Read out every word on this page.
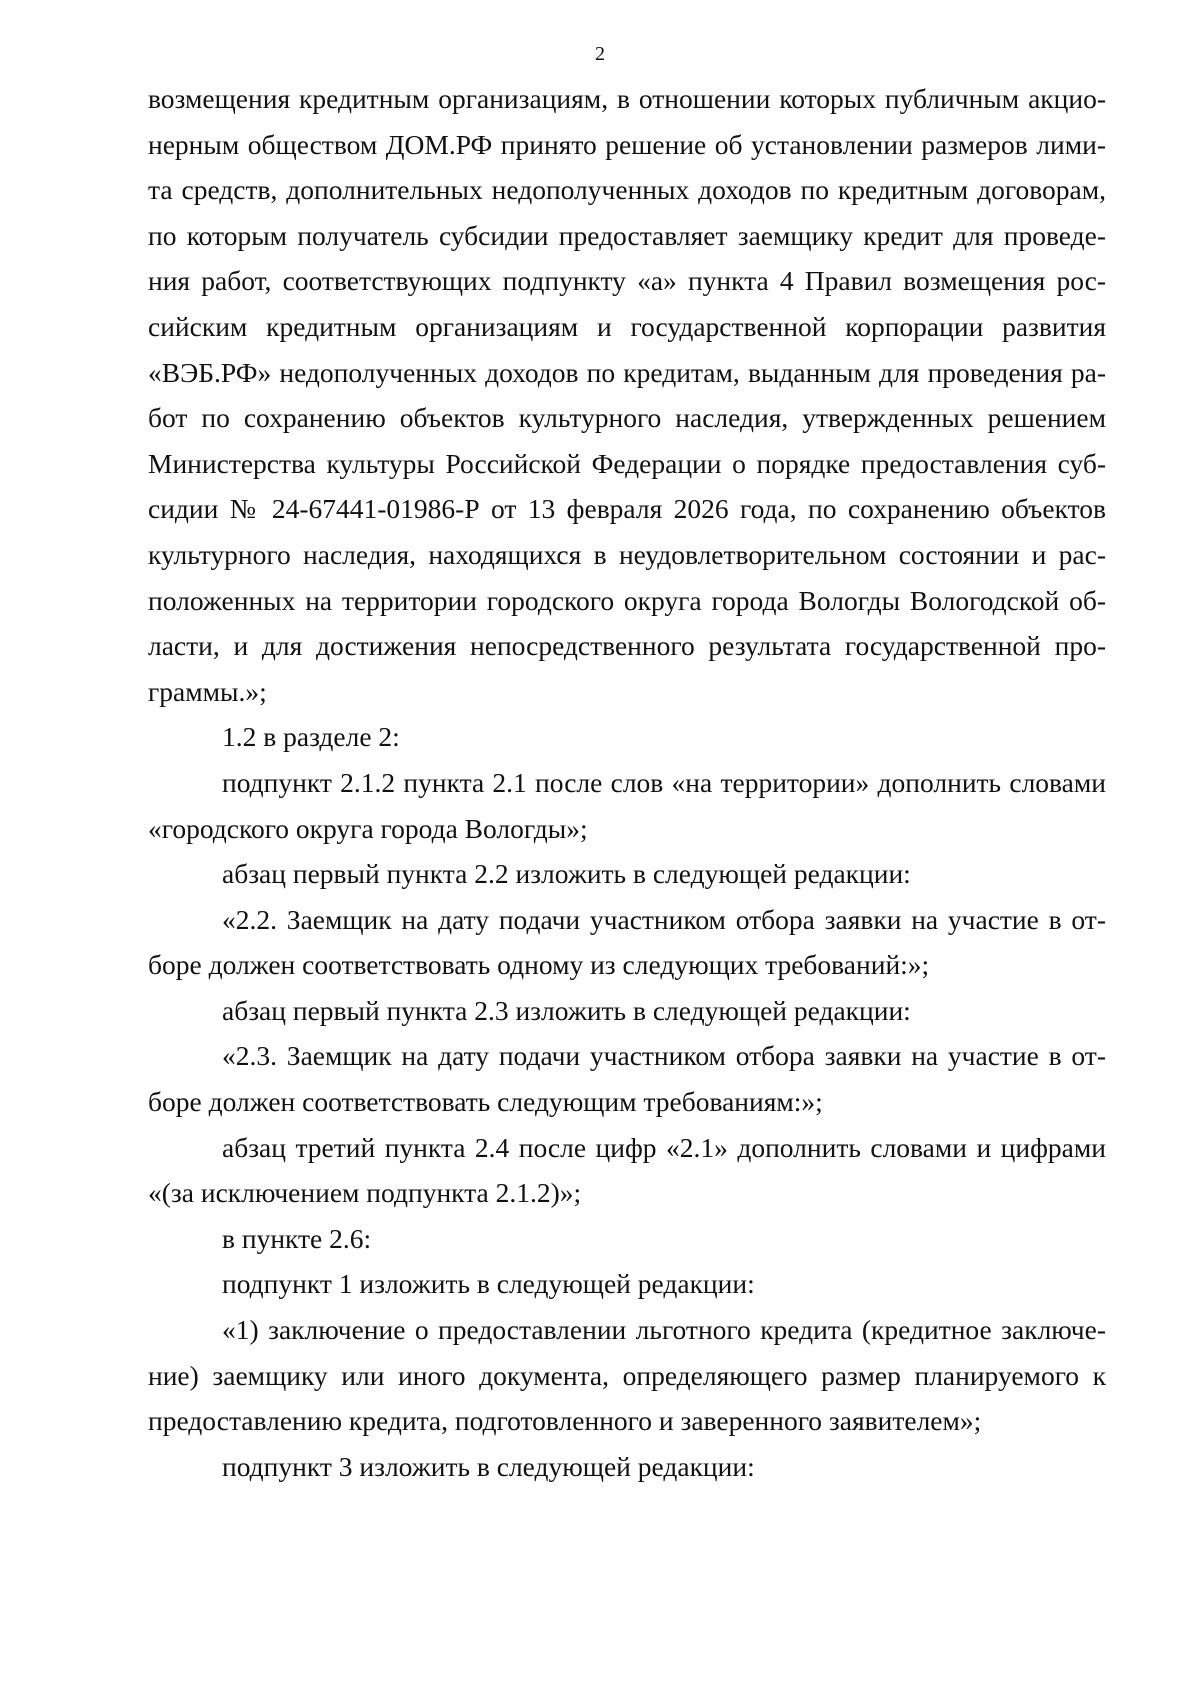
2
возмещения кредитным организациям, в отношении которых публичным акцио-
нерным обществом ДОМ.РФ принято решение об установлении размеров лими-
та средств, дополнительных недополученных доходов по кредитным договорам,
по которым получатель субсидии предоставляет заемщику кредит для проведе-
ния работ, соответствующих подпункту «а» пункта 4 Правил возмещения рос-
сийским кредитным организациям и государственной корпорации развития
«ВЭБ.РФ» недополученных доходов по кредитам, выданным для проведения ра-
бот по сохранению объектов культурного наследия, утвержденных решением
Министерства культуры Российской Федерации о порядке предоставления суб-
сидии № 24-67441-01986-Р от 13 февраля 2026 года, по сохранению объектов
культурного наследия, находящихся в неудовлетворительном состоянии и рас-
положенных на территории городского округа города Вологды Вологодской об-
ласти, и для достижения непосредственного результата государственной про-
граммы.»;
1.2 в разделе 2:
подпункт 2.1.2 пункта 2.1 после слов «на территории» дополнить словами
«городского округа города Вологды»;
абзац первый пункта 2.2 изложить в следующей редакции:
«2.2. Заемщик на дату подачи участником отбора заявки на участие в от-
боре должен соответствовать одному из следующих требований:»;
абзац первый пункта 2.3 изложить в следующей редакции:
«2.3. Заемщик на дату подачи участником отбора заявки на участие в от-
боре должен соответствовать следующим требованиям:»;
абзац третий пункта 2.4 после цифр «2.1» дополнить словами и цифрами
«(за исключением подпункта 2.1.2)»;
в пункте 2.6:
подпункт 1 изложить в следующей редакции:
«1) заключение о предоставлении льготного кредита (кредитное заключе-
ние) заемщику или иного документа, определяющего размер планируемого к
предоставлению кредита, подготовленного и заверенного заявителем»;
подпункт 3 изложить в следующей редакции:
